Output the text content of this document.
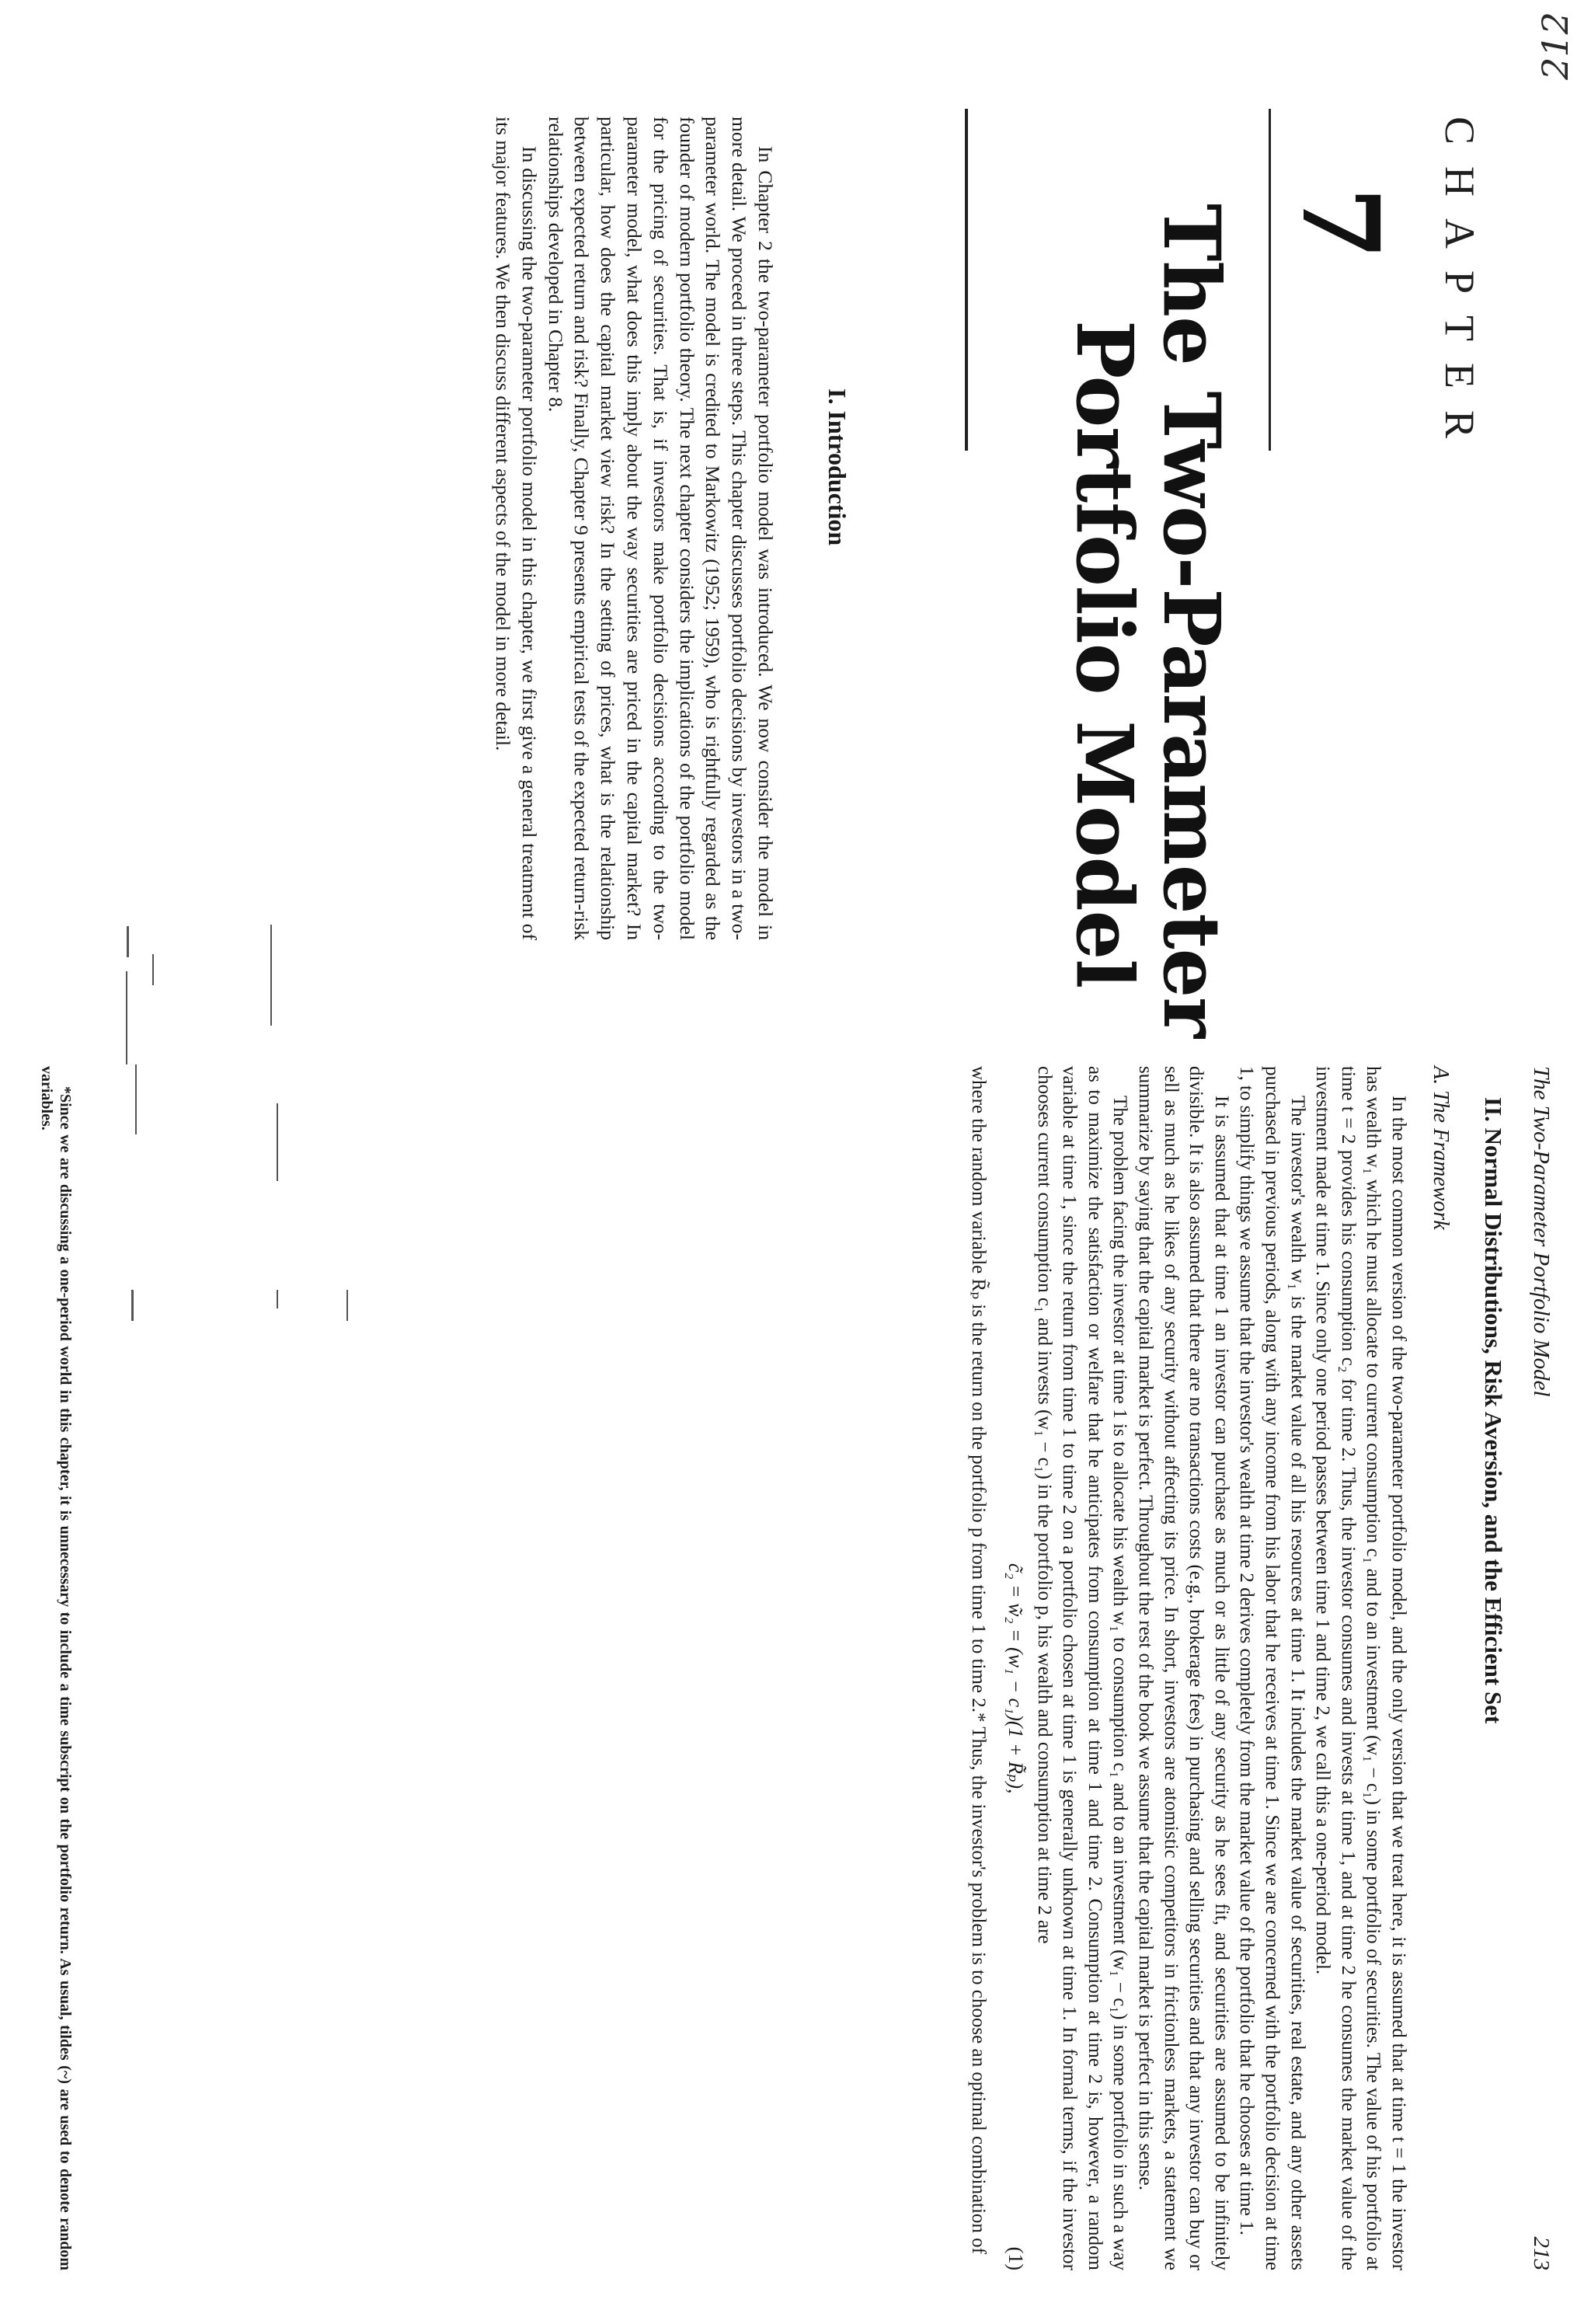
212
CHAPTER
7
The Two-Parameter
Portfolio Model
I. Introduction

In Chapter 2 the two-parameter portfolio model was introduced. We now consider the model in more detail. We proceed in three steps. This chapter discusses portfolio decisions by investors in a two-parameter world. The model is credited to Markowitz (1952; 1959), who is rightfully regarded as the founder of modern portfolio theory. The next chapter considers the implications of the portfolio model for the pricing of securities. That is, if investors make portfolio decisions according to the two-parameter model, what does this imply about the way securities are priced in the capital market? In particular, how does the capital market view risk? In the setting of prices, what is the relationship between expected return and risk? Finally, Chapter 9 presents empirical tests of the expected return-risk relationships developed in Chapter 8.

In discussing the two-parameter portfolio model in this chapter, we first give a general treatment of its major features. We then discuss different aspects of the model in more detail.

The Two-Parameter Portfolio Model
213
II. Normal Distributions, Risk Aversion, and the Efficient Set
A. The Framework

In the most common version of the two-parameter portfolio model, and the only version that we treat here, it is assumed that at time t = 1 the investor has wealth w₁ which he must allocate to current consumption c₁ and to an investment (w₁ − c₁) in some portfolio of securities. The value of his portfolio at time t = 2 provides his consumption c₂ for time 2. Thus, the investor consumes and invests at time 1, and at time 2 he consumes the market value of the investment made at time 1. Since only one period passes between time 1 and time 2, we call this a one-period model.

The investor's wealth w₁ is the market value of all his resources at time 1. It includes the market value of securities, real estate, and any other assets purchased in previous periods, along with any income from his labor that he receives at time 1. Since we are concerned with the portfolio decision at time 1, to simplify things we assume that the investor's wealth at time 2 derives completely from the market value of the portfolio that he chooses at time 1.

It is assumed that at time 1 an investor can purchase as much or as little of any security as he sees fit, and securities are assumed to be infinitely divisible. It is also assumed that there are no transactions costs (e.g., brokerage fees) in purchasing and selling securities and that any investor can buy or sell as much as he likes of any security without affecting its price. In short, investors are atomistic competitors in frictionless markets, a statement we summarize by saying that the capital market is perfect. Throughout the rest of the book we assume that the capital market is perfect in this sense.

The problem facing the investor at time 1 is to allocate his wealth w₁ to consumption c₁ and to an investment (w₁ − c₁) in some portfolio in such a way as to maximize the satisfaction or welfare that he anticipates from consumption at time 1 and time 2. Consumption at time 2 is, however, a random variable at time 1, since the return from time 1 to time 2 on a portfolio chosen at time 1 is generally unknown at time 1. In formal terms, if the investor chooses current consumption c₁ and invests (w₁ − c₁) in the portfolio p, his wealth and consumption at time 2 are

c̃₂ = w̃₂ = (w₁ − c₁)(1 + R̃ₚ),
(1)

where the random variable R̃ₚ is the return on the portfolio p from time 1 to time 2.* Thus, the investor's problem is to choose an optimal combination of

*Since we are discussing a one-period world in this chapter, it is unnecessary to include a time subscript on the portfolio return. As usual, tildes (~) are used to denote random variables.
